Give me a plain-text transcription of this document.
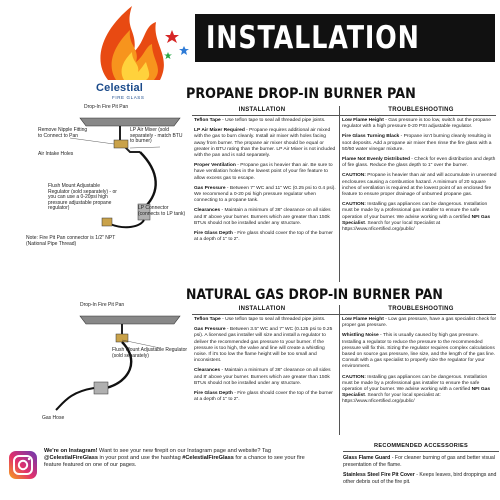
Celestial
FIRE GLASS
INSTALLATION
PROPANE DROP-IN BURNER PAN
INSTALLATION	TROUBLESHOOTING
Drop-In Fire Pit Pan
Remove Nipple Fitting to Connect to Pan
Air Intake Holes
LP Air Mixer (sold separately - match BTU to burner)
Flush Mount Adjustable Regulator (sold separately) - or you can use a 0-20psi high pressure adjustable propane regulator)	LP Connector (connects to LP tank)
Note: Fire Pit Pan connector is 1/2" NPT (National Pipe Thread)

Teflon Tape - Use teflon tape to seal all threaded pipe joints.

LP Air Mixer Required - Propane requires additional air mixed with the gas to burn cleanly. Install air mixer with holes facing away from burner. The propane air mixer should be equal or greater in BTU rating than the burner. LP Air Mixer is not included with the pan and is sold separately.

Proper Ventilation - Propane gas is heavier than air. Be sure to have ventilation holes in the lowest point of your fire feature to allow excess gas to escape.

Gas Pressure - Between 7" WC and 11" WC (0.25 psi to 0.4 psi). We recommend a 0-20 psi high pressure regulator when connecting to a propane tank.

Clearances - Maintain a minimum of 36" clearance on all sides and 8' above your burner. Burners which are greater than 150k BTUs should not be installed under any structure.

Fire Glass Depth - Fire glass should cover the top of the burner at a depth of 1" to 2".

Low Flame Height - Gas pressure is too low, switch out the propane regulator with a high pressure 0-20 PSI adjustable regulator.

Fire Glass Turning Black - Propane isn't burning cleanly resulting in soot deposits. Add a propane air mixer then rinse the fire glass with a 50/50 water vinegar mixture.

Flame Not Evenly Distributed - Check for even distribution and depth of fire glass. Reduce the glass depth to 1" over the burner.

CAUTION: Propane is heavier than air and will accumulate in unvented enclosures causing a combustion hazard. A minimum of 20 square inches of ventilation is required at the lowest point of an enclosed fire feature to ensure proper drainage of unburned propane gas.

CAUTION: Installing gas appliances can be dangerous. Installation must be made by a professional gas installer to ensure the safe operation of your burner. We advise working with a certified NFI Gas Specialist. Search for your local Specialist at https://www.nficertified.org/public/

NATURAL GAS DROP-IN BURNER PAN
INSTALLATION	TROUBLESHOOTING
Drop-In Fire Pit Pan
Flush Mount Adjustable Regulator (sold separately)
Gas Hose

Teflon Tape - Use teflon tape to seal all threaded pipe joints.

Gas Pressure - Between 3.5" WC and 7" WC (0.125 psi to 0.25 psi). A licensed gas installer will size and install a regulator to deliver the recommended gas pressure to your burner. If the pressure is too high, the valve and line will create a whistling noise. If it's too low the flame height will be too small and inconsistent.

Clearances - Maintain a minimum of 36" clearance on all sides and 8' above your burner. Burners which are greater than 150k BTUs should not be installed under any structure.

Fire Glass Depth - Fire glass should cover the top of the burner at a depth of 1" to 2".

Low Flame Height - Low gas pressure, have a gas specialist check for proper gas pressure.

Whistling Noise - This is usually caused by high gas pressure. Installing a regulator to reduce the pressure to the recommended pressure will fix this. Sizing the regulator requires complex calculations based on source gas pressure, line size, and the length of the gas line. Consult with a gas specialist to properly size the regulator for your environment.

CAUTION: Installing gas appliances can be dangerous. Installation must be made by a professional gas installer to ensure the safe operation of your burner. We advise working with a certified NFI Gas Specialist. Search for your local specialist at: https://www.nficertified.org/public/

We're on Instagram! Want to see your new firepit on our Instagram page and website? Tag @CelestialFireGlass in your post and use the hashtag #CelestialFireGlass for a chance to see your fire feature featured on one of our pages.
RECOMMENDED ACCESSORIES

Glass Flame Guard - For cleaner burning of gas and better visual presentation of the flame.

Stainless Steel Fire Pit Cover - Keeps leaves, bird droppings and other debris out of the fire pit.
